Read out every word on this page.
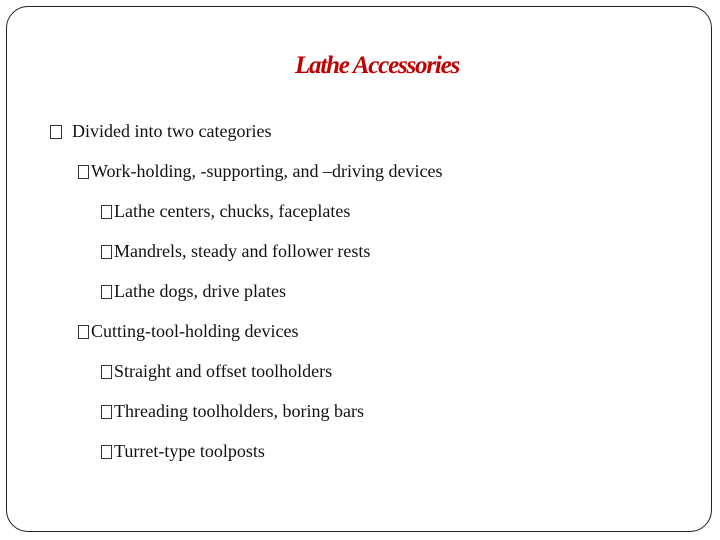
Lathe Accessories
Divided into two categories
Work-holding, -supporting, and –driving devices
Lathe centers, chucks, faceplates
Mandrels, steady and follower rests
Lathe dogs, drive plates
Cutting-tool-holding devices
Straight and offset toolholders
Threading toolholders, boring bars
Turret-type toolposts
